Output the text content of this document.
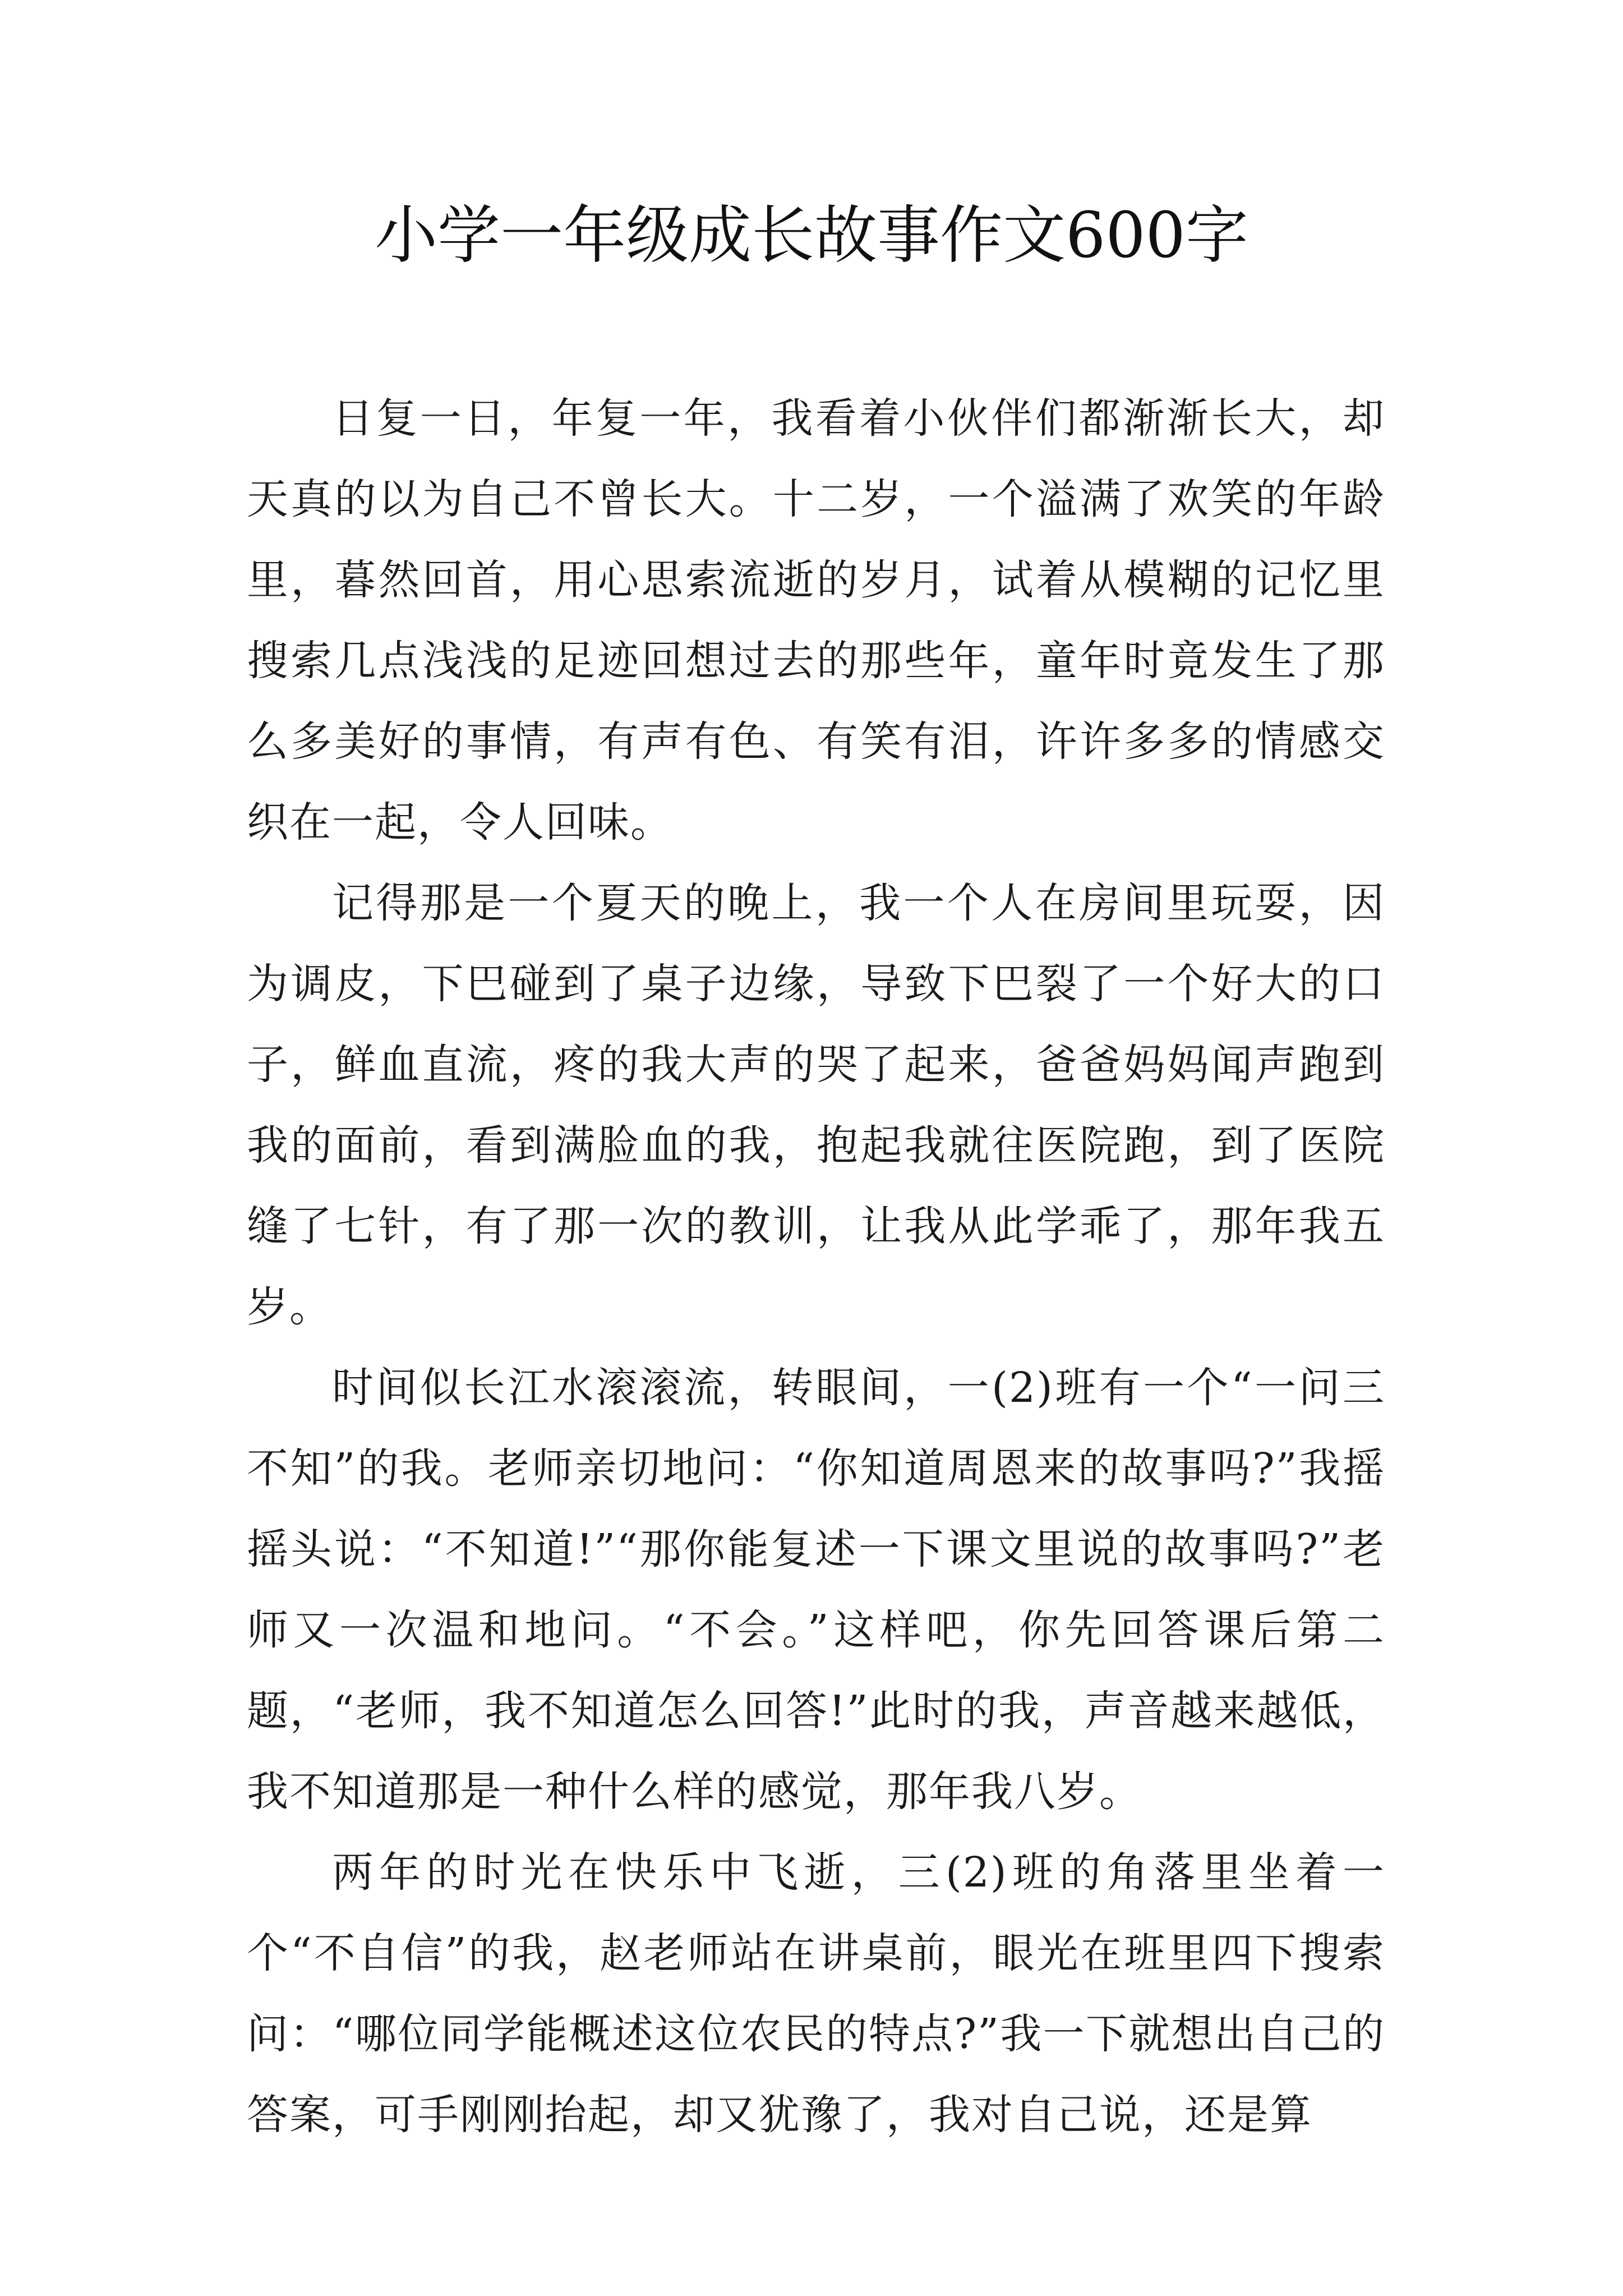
小学一年级成长故事作文600字

日复一日，年复一年，我看着小伙伴们都渐渐长大，却天真的以为自己不曾长大。十二岁，一个溢满了欢笑的年龄里，暮然回首，用心思索流逝的岁月，试着从模糊的记忆里搜索几点浅浅的足迹回想过去的那些年，童年时竟发生了那么多美好的事情，有声有色、有笑有泪，许许多多的情感交织在一起，令人回味。

记得那是一个夏天的晚上，我一个人在房间里玩耍，因为调皮，下巴碰到了桌子边缘，导致下巴裂了一个好大的口子，鲜血直流，疼的我大声的哭了起来，爸爸妈妈闻声跑到我的面前，看到满脸血的我，抱起我就往医院跑，到了医院缝了七针，有了那一次的教训，让我从此学乖了，那年我五岁。

时间似长江水滚滚流，转眼间，一(2)班有一个“一问三不知”的我。老师亲切地问：“你知道周恩来的故事吗?”我摇摇头说：“不知道!”“那你能复述一下课文里说的故事吗?”老师又一次温和地问。“不会。”这样吧，你先回答课后第二题，“老师，我不知道怎么回答!”此时的我，声音越来越低，我不知道那是一种什么样的感觉，那年我八岁。

两年的时光在快乐中飞逝，三(2)班的角落里坐着一个“不自信”的我，赵老师站在讲桌前，眼光在班里四下搜索问：“哪位同学能概述这位农民的特点?”我一下就想出自己的答案，可手刚刚抬起，却又犹豫了，我对自己说，还是算
